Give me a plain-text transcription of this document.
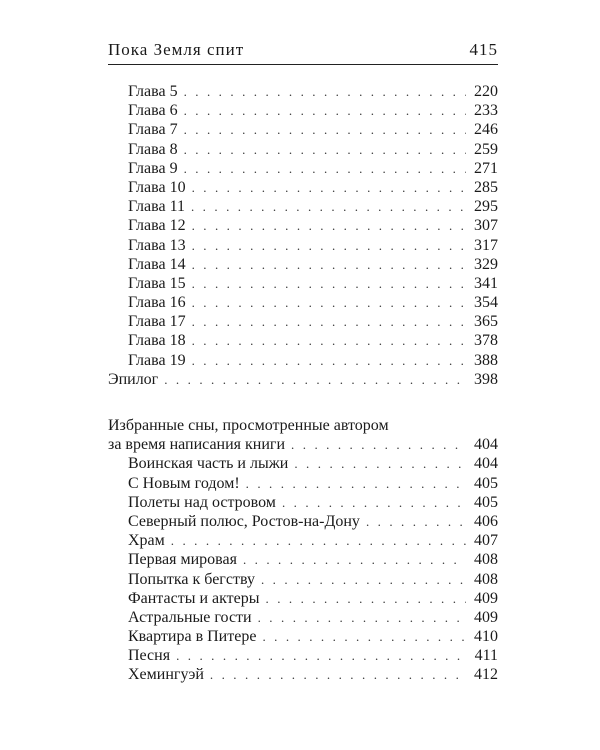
Пока Земля спит	415
Глава 5 . . .	220
Глава 6 . . .	233
Глава 7 . . .	246
Глава 8 . . .	259
Глава 9 . . .	271
Глава 10 . . .	285
Глава 11 . . .	295
Глава 12 . . .	307
Глава 13 . . .	317
Глава 14 . . .	329
Глава 15 . . .	341
Глава 16 . . .	354
Глава 17 . . .	365
Глава 18 . . .	378
Глава 19 . . .	388
Эпилог . . .	398
Избранные сны, просмотренные автором
за время написания книги . . .	404
Воинская часть и лыжи . . .	404
С Новым годом! . . .	405
Полеты над островом . . .	405
Северный полюс, Ростов-на-Дону . . .	406
Храм . . .	407
Первая мировая . . .	408
Попытка к бегству . . .	408
Фантасты и актеры . . .	409
Астральные гости . . .	409
Квартира в Питере . . .	410
Песня . . .	411
Хемингуэй . . .	412
